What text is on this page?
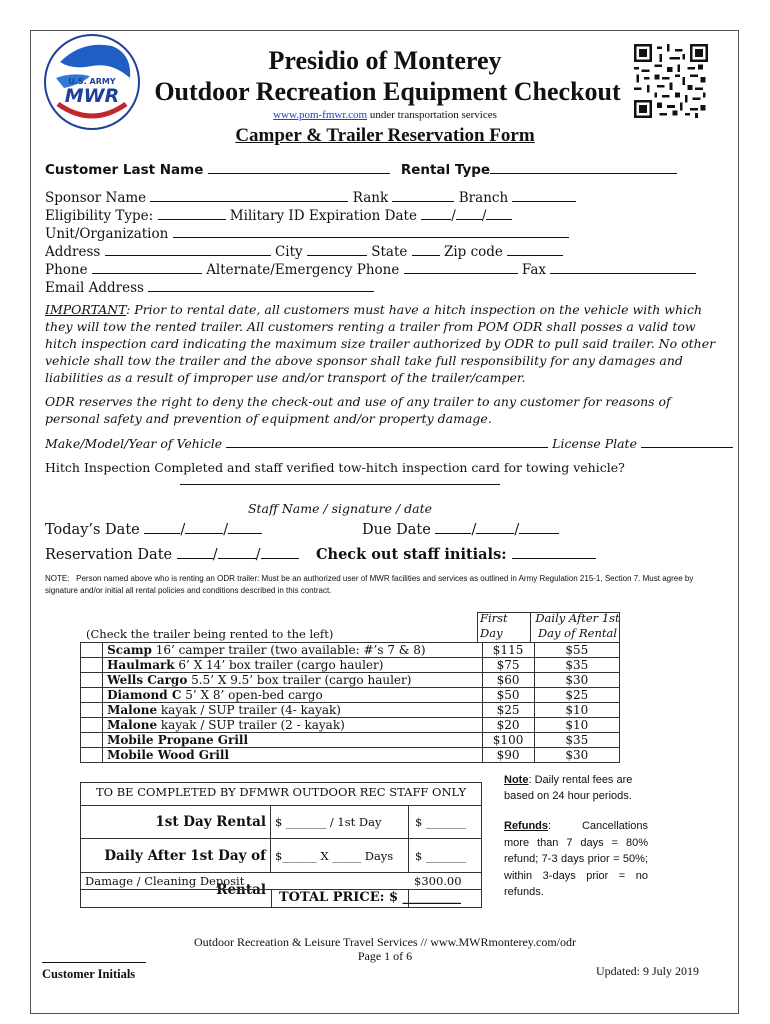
U.S. ARMY
MWR
Presidio of Monterey
Outdoor Recreation Equipment Checkout
www.pom-fmwr.com under transportation services
Camper & Trailer Reservation Form
Customer Last Name	Rental Type
Sponsor Name	Rank	Branch
Eligibility Type:	Military ID Expiration Date	/ /
Unit/Organization
Address	City	State	Zip code
Phone	Alternate/Emergency Phone	Fax
Email Address
IMPORTANT: Prior to rental date, all customers must have a hitch inspection on the vehicle with which they will tow the rented trailer. All customers renting a trailer from POM ODR shall posses a valid tow hitch inspection card indicating the maximum size trailer authorized by ODR to pull said trailer. No other vehicle shall tow the trailer and the above sponsor shall take full responsibility for any damages and liabilities as a result of improper use and/or transport of the trailer/camper.
ODR reserves the right to deny the check-out and use of any trailer to any customer for reasons of personal safety and prevention of equipment and/or property damage.
Make/Model/Year of Vehicle	License Plate
Hitch Inspection Completed and staff verified tow-hitch inspection card for towing vehicle?
Staff Name / signature / date
Today’s Date	/	/	Due Date	/	/
Reservation Date	/	/	Check out staff initials:
NOTE: Person named above who is renting an ODR trailer: Must be an authorized user of MWR facilities and services as outlined in Army Regulation 215-1, Section 7. Must agree by signature and/or initial all rental policies and conditions described in this contract.
(Check the trailer being rented to the left)
First Day
Daily After 1st Day of Rental
	Scamp 16’ camper trailer (two available: #’s 7 & 8)	$115	$55
	Haulmark 6’ X 14’ box trailer (cargo hauler)	$75	$35
	Wells Cargo 5.5’ X 9.5’ box trailer (cargo hauler)	$60	$30
	Diamond C 5’ X 8’ open-bed cargo	$50	$25
	Malone kayak / SUP trailer (4- kayak)	$25	$10
	Malone kayak / SUP trailer (2 - kayak)	$20	$10
	Mobile Propane Grill	$100	$35
	Mobile Wood Grill	$90	$30
TO BE COMPLETED BY DFMWR OUTDOOR REC STAFF ONLY
1st Day Rental $ _______ / 1st Day	$ _______
Daily After 1st Day of Rental
$______ X _____ Days	$ _______
Damage / Cleaning Deposit	$300.00
TOTAL PRICE: $ _________
Note: Daily rental fees are based on 24 hour periods.
Refunds: Cancellations more than 7 days = 80% refund; 7-3 days prior = 50%; within 3-days prior = no refunds.
Outdoor Recreation & Leisure Travel Services // www.MWRmonterey.com/odr
Page 1 of 6
Customer Initials	Updated: 9 July 2019
